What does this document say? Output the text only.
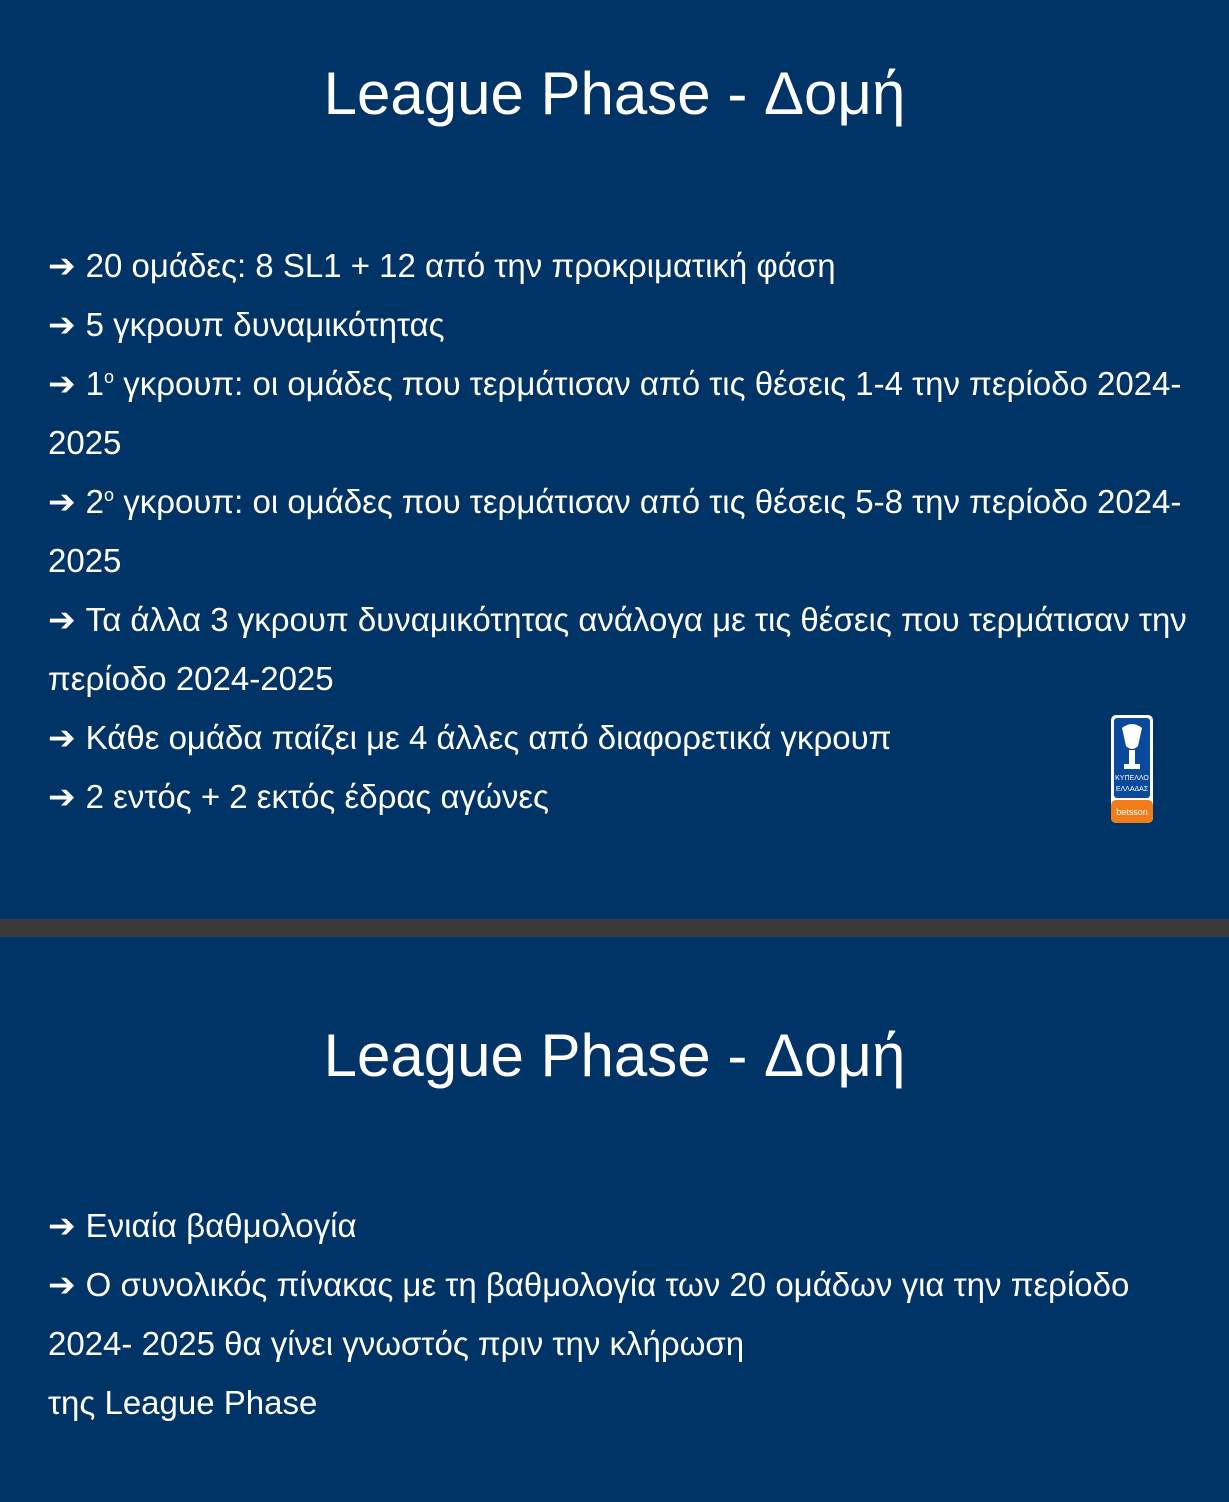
League Phase - Δομή
➔ 20 ομάδες: 8 SL1 + 12 από την προκριματική φάση
➔ 5 γκρουπ δυναμικότητας
➔ $1^o$ γκρουπ: οι ομάδες που τερμάτισαν από τις θέσεις 1-4 την περίοδο 2024-2025
➔ $2^o$ γκρουπ: οι ομάδες που τερμάτισαν από τις θέσεις 5-8 την περίοδο 2024-2025
➔ Τα άλλα 3 γκρουπ δυναμικότητας ανάλογα με τις θέσεις που τερμάτισαν την περίοδο 2024-2025
➔ Κάθε ομάδα παίζει με 4 άλλες από διαφορετικά γκρουπ
➔ 2 εντός + 2 εκτός έδρας αγώνες	ΚΥΠΕΛΛΟ
ΕΛΛΑΔΑΣ
betsson
League Phase - Δομή
➔ Ενιαία βαθμολογία
➔ Ο συνολικός πίνακας με τη βαθμολογία των 20 ομάδων για την περίοδο 2024- 2025 θα γίνει γνωστός πριν την κλήρωση
της League Phase
